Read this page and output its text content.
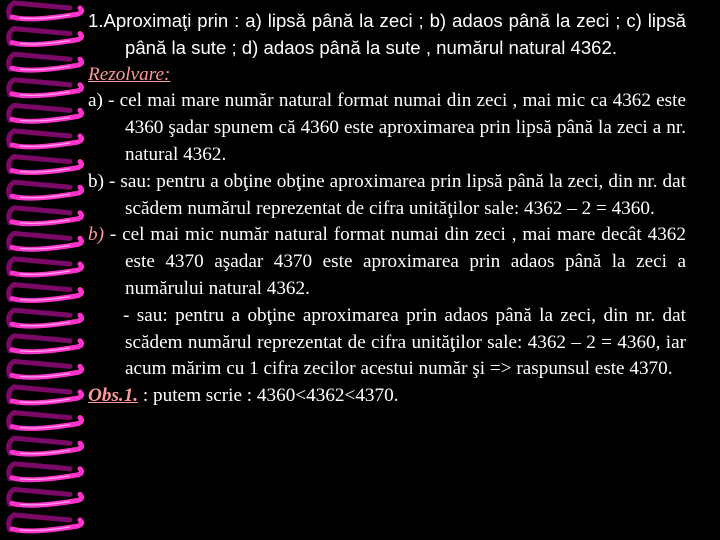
1.Aproximaţi prin : a) lipsă până la zeci ; b) adaos până la zeci ; c) lipsă până la sute ; d) adaos până la sute , numărul natural 4362.

Rezolvare:

a) - cel mai mare număr natural format numai din zeci , mai mic ca 4362 este 4360 şadar spunem că 4360 este aproximarea prin lipsă până la zeci a nr. natural 4362.

b) - sau: pentru a obţine obţine aproximarea prin lipsă până la zeci, din nr. dat scădem numărul reprezentat de cifra unităţilor sale: 4362 – 2 = 4360.

b) - cel mai mic număr natural format numai din zeci , mai mare decât 4362 este 4370 aşadar 4370 este aproximarea prin adaos până la zeci a numărului natural 4362.

- sau: pentru a obţine aproximarea prin adaos până la zeci, din nr. dat scădem numărul reprezentat de cifra unităţilor sale: 4362 – 2 = 4360, iar acum mărim cu 1 cifra zecilor acestui număr şi => raspunsul este 4370.

Obs.1. : putem scrie : 4360<4362<4370.
